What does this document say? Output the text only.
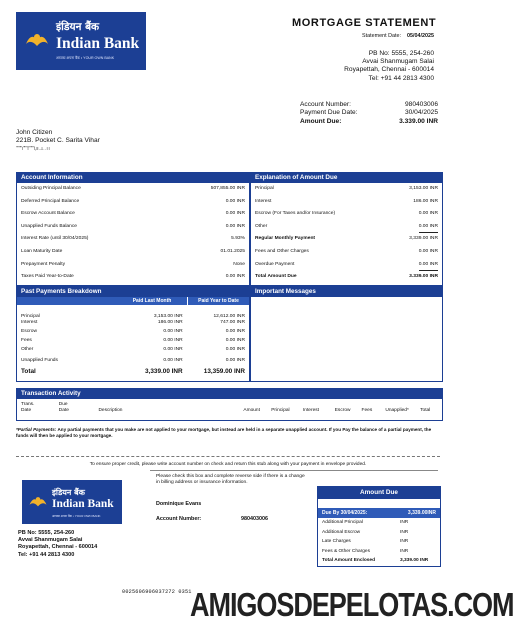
इंडियन बैंक
Indian Bank
आपका अपना बैंक • YOUR OWN BANK
MORTGAGE STATEMENT
Statement Date: 05/04/2025
PB No: 5555, 254-260
Avvai Shanmugam Salai
Royapettah, Chennai - 600014
Tel: +91 44 2813 4300
Account Number:	980403006
Payment Due Date:	30/04/2025
Amount Due:	3.339.00 INR
John Citizen
221B. Pocket C. Sarita Vihar
""""ı"""ı""""ı,ıı ..ı. . ı ı
Account Information
Outsiding Principal Balance	507,855.00 INR
Deferred Principal Balance	0.00 INR
Escrow Account Balance	0.00 INR
Unapplied Funds Balance	0.00 INR
Interest Rate (until 30/04/2025)	5.93%
Loan Maturity Date	01.01.2025
Prepayment Penalty	None
Taxes Paid Year-to-Date	0.00 INR
Explanation of Amount Due
Principal	3,153.00 INR
Interest	186.00 INR
Escrow (For Taxes and/or Insurance)	0.00 INR
Other	0.00 INR
Regular Monthly Payment	3,339.00 INR
Fees and Other Charges	0.00 INR
Overdue Payment	0.00 INR
Total Amount Due	3.339.00 INR
Past Payments Breakdown
Paid Last Month	Paid Year to Date
Principal	3,153.00 INR	12,612.00 INR
Interest	186.00 INR	747.00 INR
Escrow	0.00 INR	0.00 INR
Fees	0.00 INR	0.00 INR
Other	0.00 INR	0.00 INR
Unapplied Funds	0.00 INR	0.00 INR
Total	3,339.00 INR	13,359.00 INR
Important Messages
Transaction Activity
Trans.
Date
Due
Date	Description	Amount	Principal	Interest	Escrow	Fees	Unapplied*	Total
*Partial Payments: Any partial payments that you make are not applied to your mortgage, but instead are held in a separate unapplied account. If you Pay the balance of a partial payment, the funds will then be applied to your mortgage.
To ensure proper credit, please write account number on check and return this stub along with your payment in envelope provided.
इंडियन बैंक
Indian Bank
आपका अपना बैंक • YOUR OWN BANK
Please check this box and complete reverse side if there is a change in billing address or insurance information.
Dominique Evans
Account Number:	980403006
PB No: 5555, 254-260
Avvai Shanmugam Salai
Royapettah, Chennai - 600014
Tel: +91 44 2813 4300
Amount Due
Due By 30/04/2025:	3,339.00INR
Additional Principal	INR
Additional Escrow	INR
Late Charges	INR
Fees & Other Charges	INR
Total Amount Enclosed	3,339.00 INR
0025606906037272 0351
AMIGOSDEPELOTAS.COM
